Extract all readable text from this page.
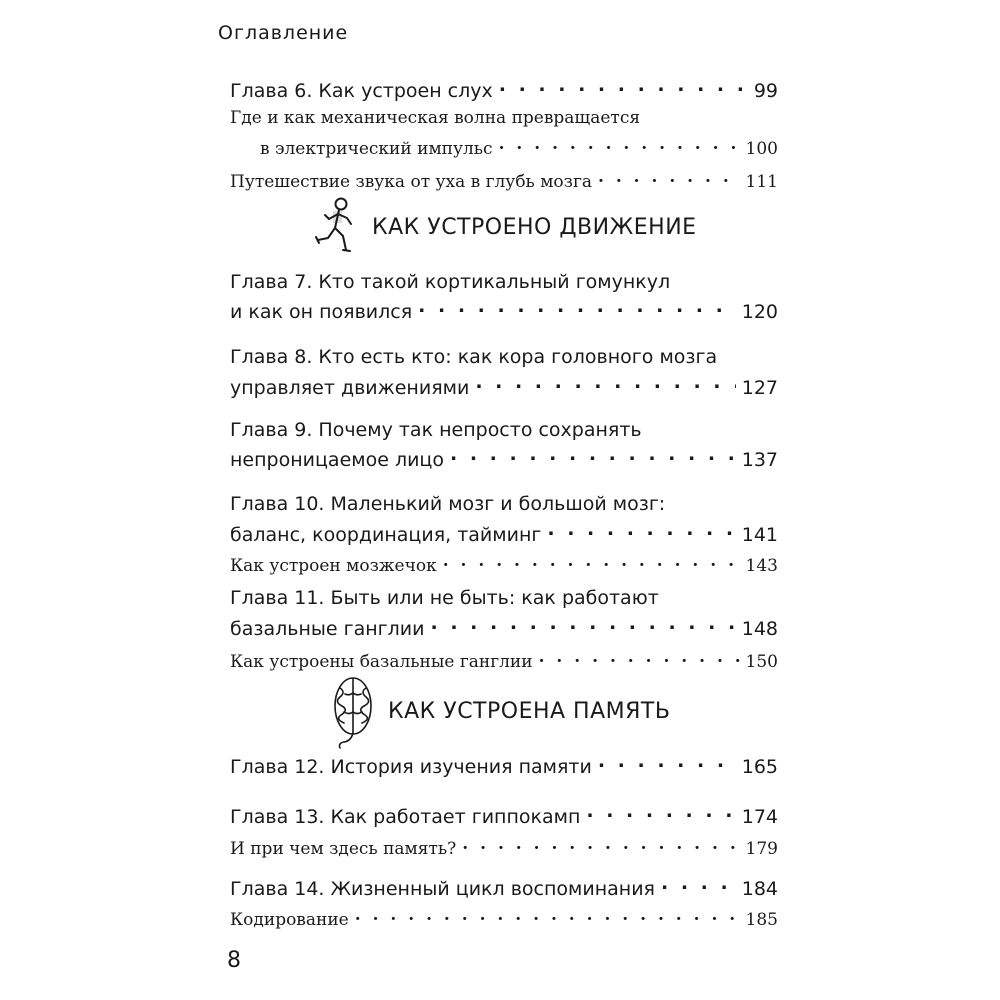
Оглавление
Глава 6. Как устроен слух . . .	99
Где и как механическая волна превращается
в электрический импульс . . .	100
Путешествие звука от уха в глубь мозга . . .	111
Глава 7. Кто такой кортикальный гомункул
и как он появился . . .	120
Глава 8. Кто есть кто: как кора головного мозга
управляет движениями . . .	127
Глава 9. Почему так непросто сохранять
непроницаемое лицо . . .	137
Глава 10. Маленький мозг и большой мозг:
баланс, координация, тайминг . . .	141
Как устроен мозжечок . . .	143
Глава 11. Быть или не быть: как работают
базальные ганглии . . .	148
Как устроены базальные ганглии . . .	150
Глава 12. История изучения памяти . . .	165
Глава 13. Как работает гиппокамп . . .	174
И при чем здесь память? . . .	179
Глава 14. Жизненный цикл воспоминания . . .	184
Кодирование . . .	185
КАК УСТРОЕНО ДВИЖЕНИЕ
КАК УСТРОЕНА ПАМЯТЬ
8
